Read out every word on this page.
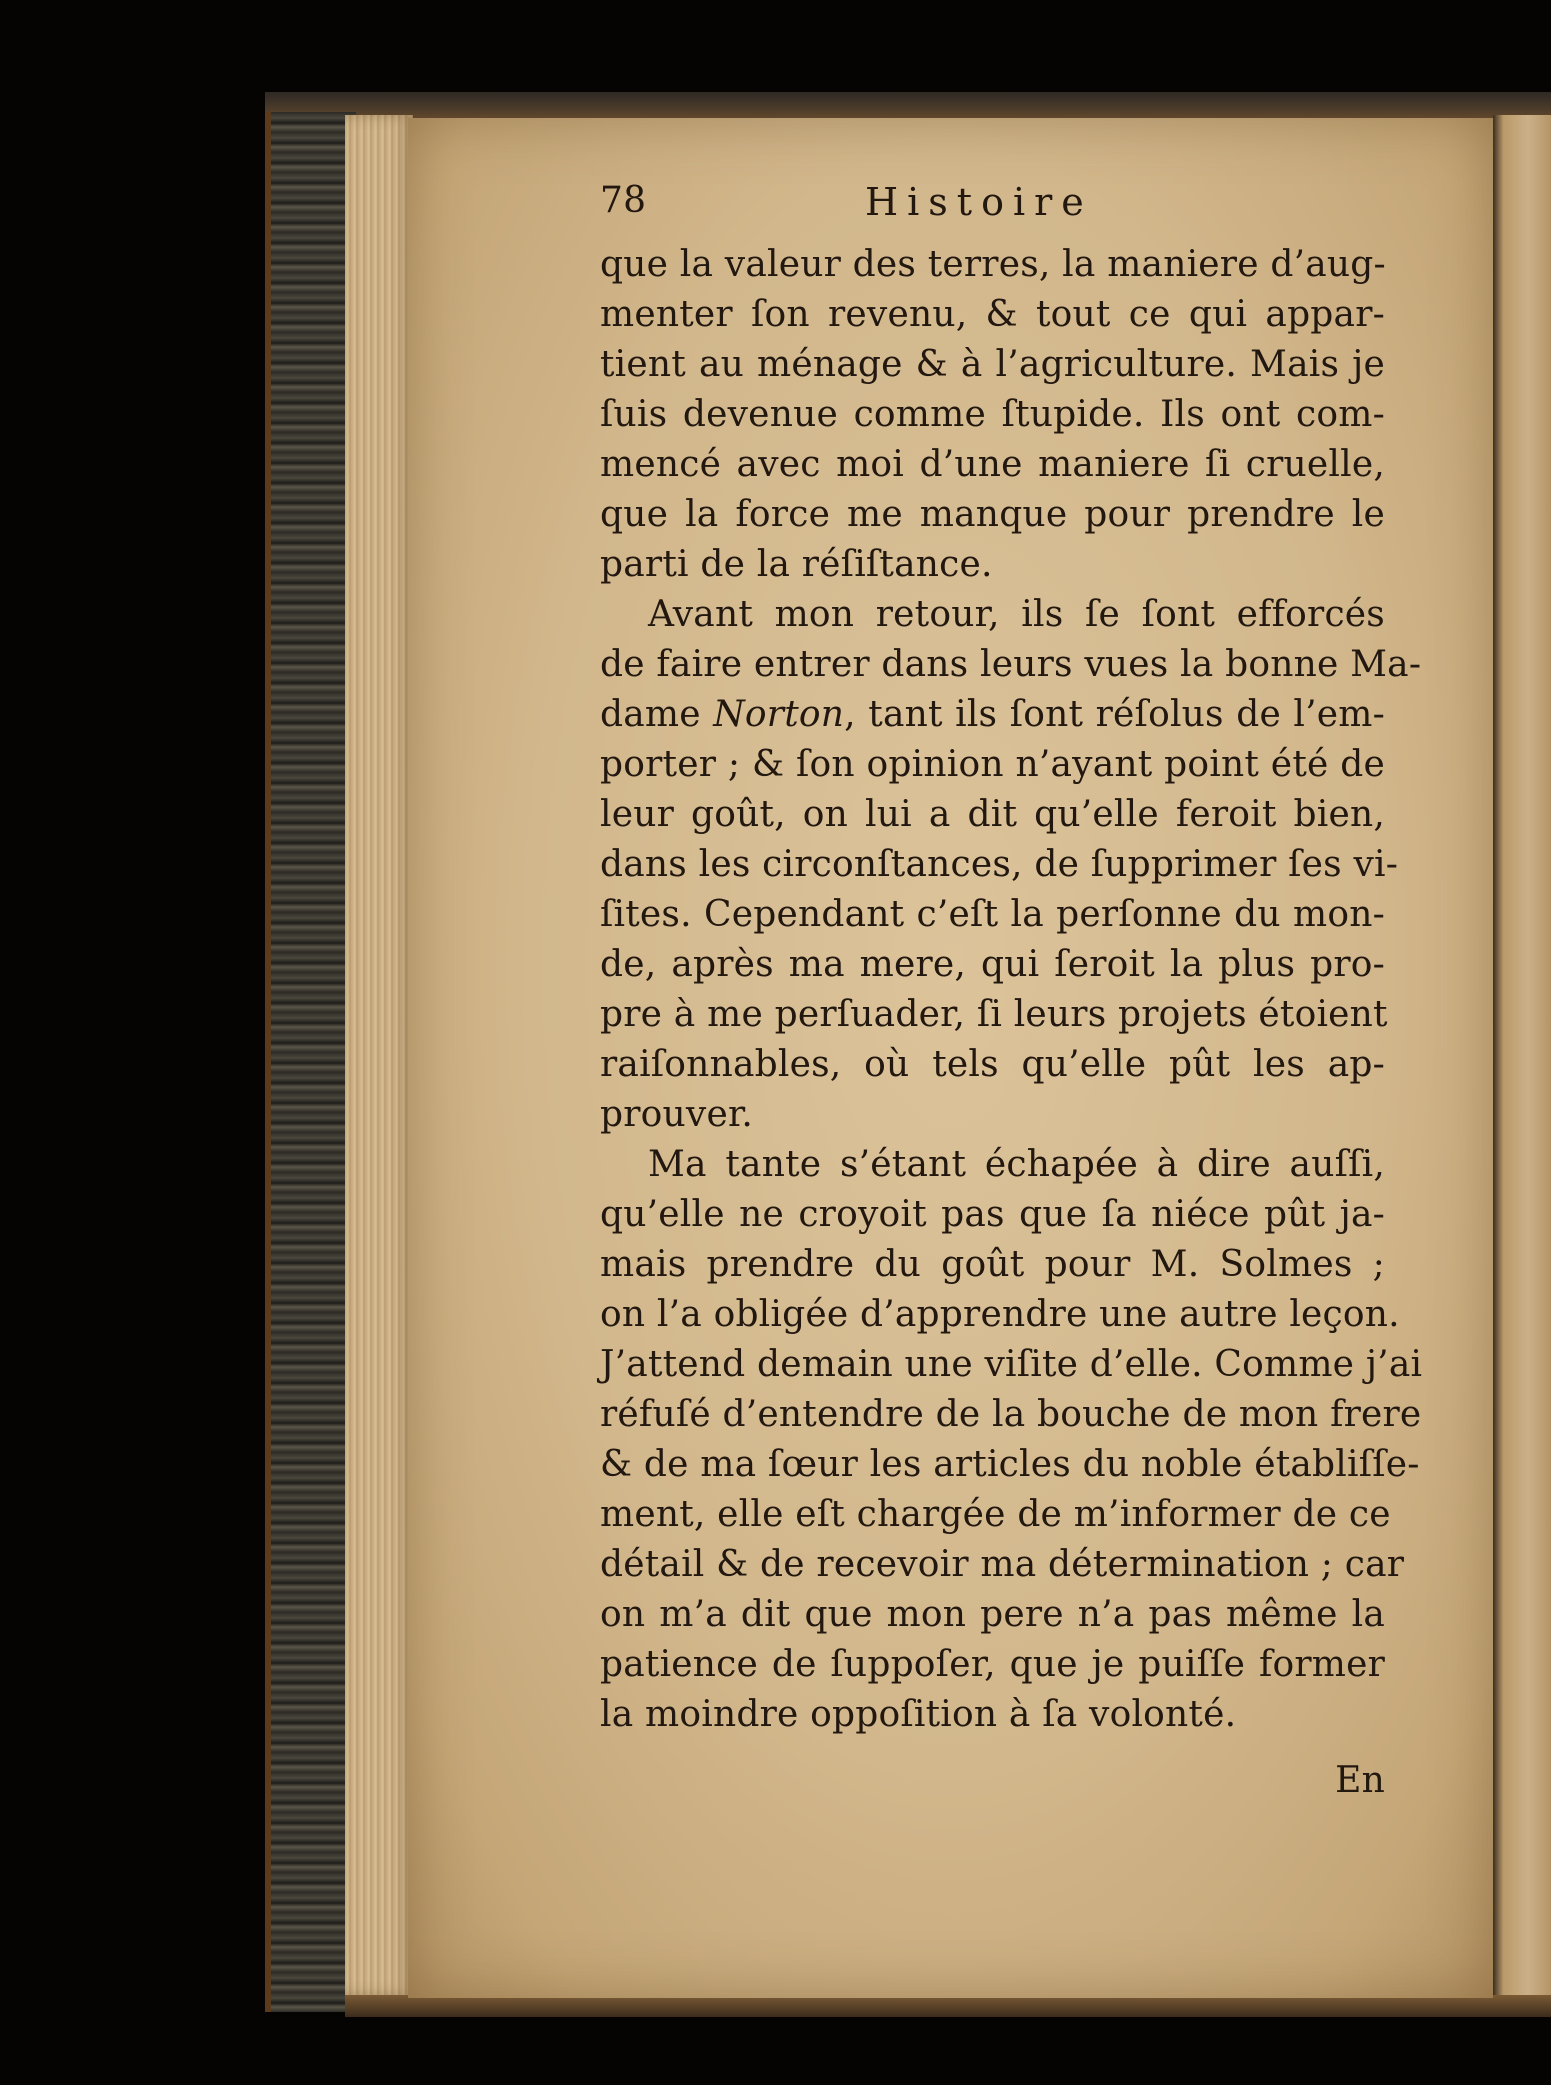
78	Histoire
que la valeur des terres, la maniere d’aug-
menter ſon revenu, & tout ce qui appar-
tient au ménage & à l’agriculture. Mais je
ſuis devenue comme ſtupide. Ils ont com-
mencé avec moi d’une maniere ſi cruelle,
que la force me manque pour prendre le
parti de la réſiſtance.
Avant mon retour, ils ſe ſont efforcés
de faire entrer dans leurs vues la bonne Ma-
dame Norton, tant ils ſont réſolus de l’em-
porter ; & ſon opinion n’ayant point été de
leur goût, on lui a dit qu’elle feroit bien,
dans les circonſtances, de ſupprimer ſes vi-
ſites. Cependant c’eſt la perſonne du mon-
de, après ma mere, qui ſeroit la plus pro-
pre à me perſuader, ſi leurs projets étoient
raiſonnables, où tels qu’elle pût les ap-
prouver.
Ma tante s’étant échapée à dire auſſi,
qu’elle ne croyoit pas que ſa niéce pût ja-
mais prendre du goût pour M. Solmes ;
on l’a obligée d’apprendre une autre leçon.
J’attend demain une viſite d’elle. Comme j’ai
réfuſé d’entendre de la bouche de mon frere
& de ma ſœur les articles du noble établiſſe-
ment, elle eſt chargée de m’informer de ce
détail & de recevoir ma détermination ; car
on m’a dit que mon pere n’a pas même la
patience de ſuppoſer, que je puiſſe former
la moindre oppoſition à ſa volonté.
En
